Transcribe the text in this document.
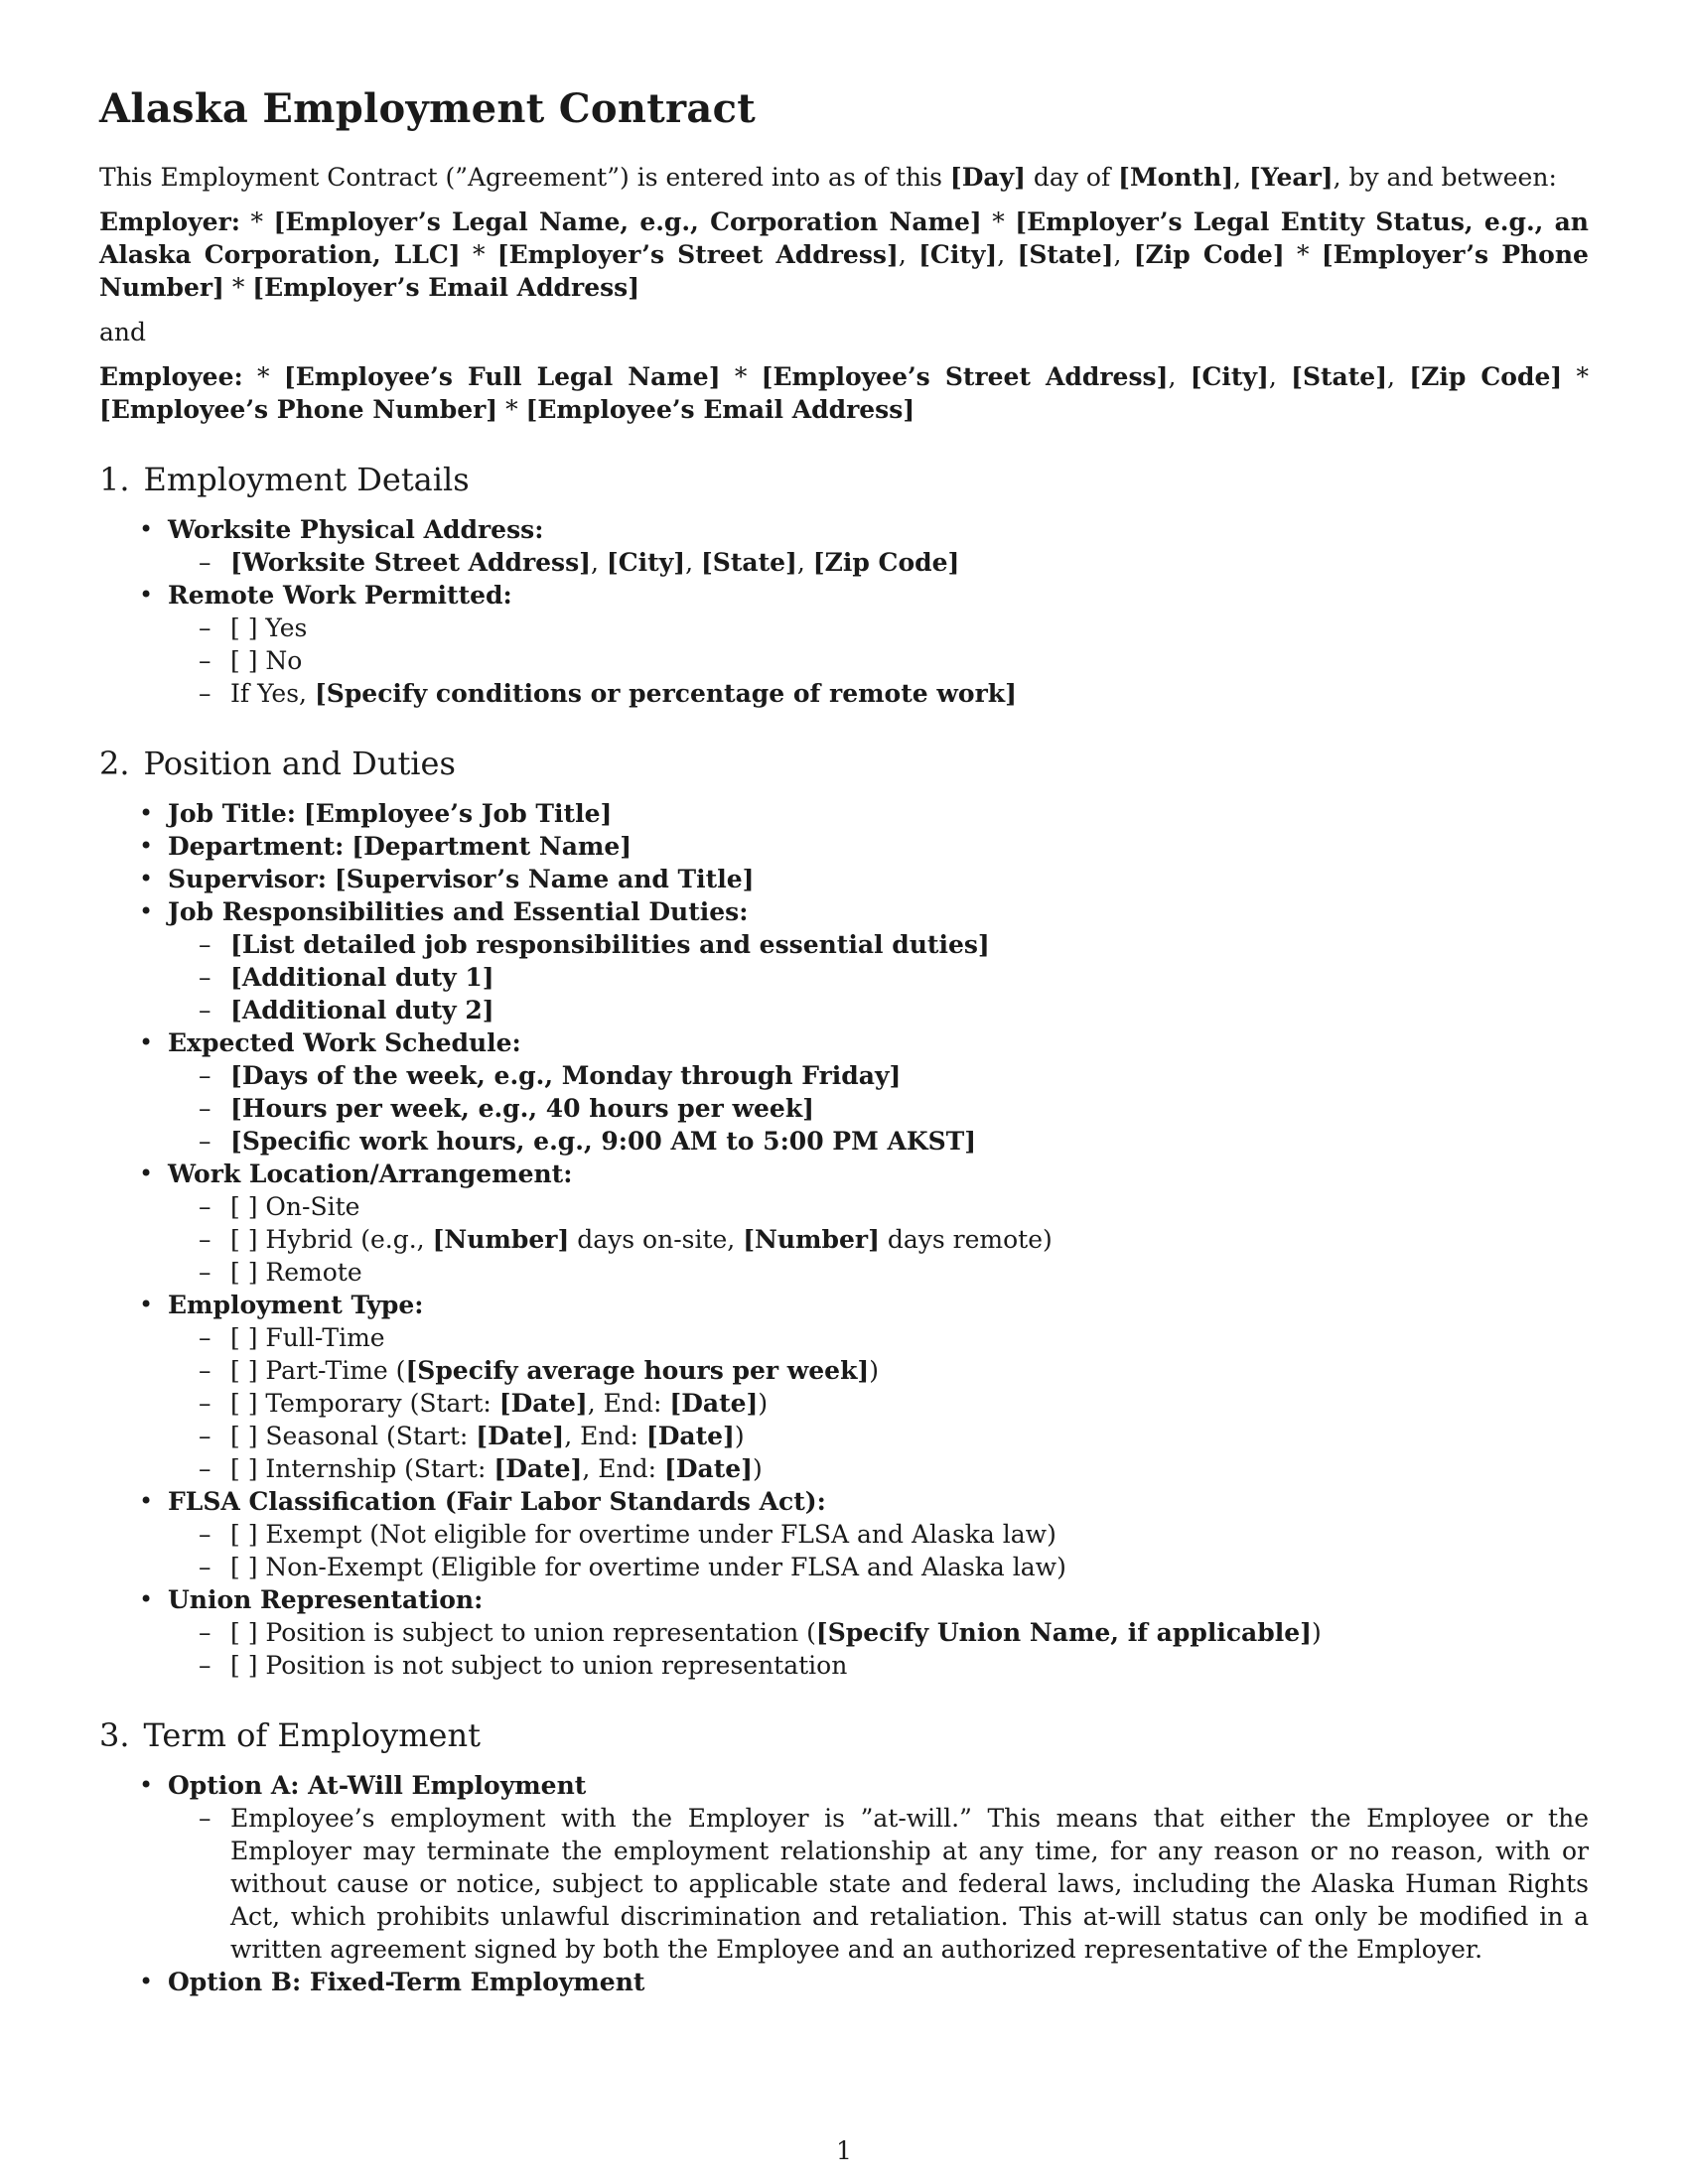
Alaska Employment Contract

This Employment Contract (”Agreement”) is entered into as of this [Day] day of [Month], [Year], by and between:

Employer: * [Employer’s Legal Name, e.g., Corporation Name] * [Employer’s Legal Entity Status, e.g., an Alaska Corporation, LLC] * [Employer’s Street Address], [City], [State], [Zip Code] * [Employer’s Phone Number] * [Employer’s Email Address]

and

Employee: * [Employee’s Full Legal Name] * [Employee’s Street Address], [City], [State], [Zip Code] * [Employee’s Phone Number] * [Employee’s Email Address]

1. Employment Details
• Worksite Physical Address:
– [Worksite Street Address], [City], [State], [Zip Code]
• Remote Work Permitted:
– [ ] Yes
– [ ] No
– If Yes, [Specify conditions or percentage of remote work]
2. Position and Duties
• Job Title: [Employee’s Job Title]
• Department: [Department Name]
• Supervisor: [Supervisor’s Name and Title]
• Job Responsibilities and Essential Duties:
– [List detailed job responsibilities and essential duties]
– [Additional duty 1]
– [Additional duty 2]
• Expected Work Schedule:
– [Days of the week, e.g., Monday through Friday]
– [Hours per week, e.g., 40 hours per week]
– [Specific work hours, e.g., 9:00 AM to 5:00 PM AKST]
• Work Location/Arrangement:
– [ ] On-Site
– [ ] Hybrid (e.g., [Number] days on-site, [Number] days remote)
– [ ] Remote
• Employment Type:
– [ ] Full-Time
– [ ] Part-Time ([Specify average hours per week])
– [ ] Temporary (Start: [Date], End: [Date])
– [ ] Seasonal (Start: [Date], End: [Date])
– [ ] Internship (Start: [Date], End: [Date])
• FLSA Classification (Fair Labor Standards Act):
– [ ] Exempt (Not eligible for overtime under FLSA and Alaska law)
– [ ] Non-Exempt (Eligible for overtime under FLSA and Alaska law)
• Union Representation:
– [ ] Position is subject to union representation ([Specify Union Name, if applicable])
– [ ] Position is not subject to union representation
3. Term of Employment
• Option A: At-Will Employment
– Employee’s employment with the Employer is ”at-will.” This means that either the Employee or the Employer may terminate the employment relationship at any time, for any reason or no reason, with or without cause or notice, subject to applicable state and federal laws, including the Alaska Human Rights Act, which prohibits unlawful discrimination and retaliation. This at-will status can only be modified in a written agreement signed by both the Employee and an authorized representative of the Employer.
• Option B: Fixed-Term Employment
1
